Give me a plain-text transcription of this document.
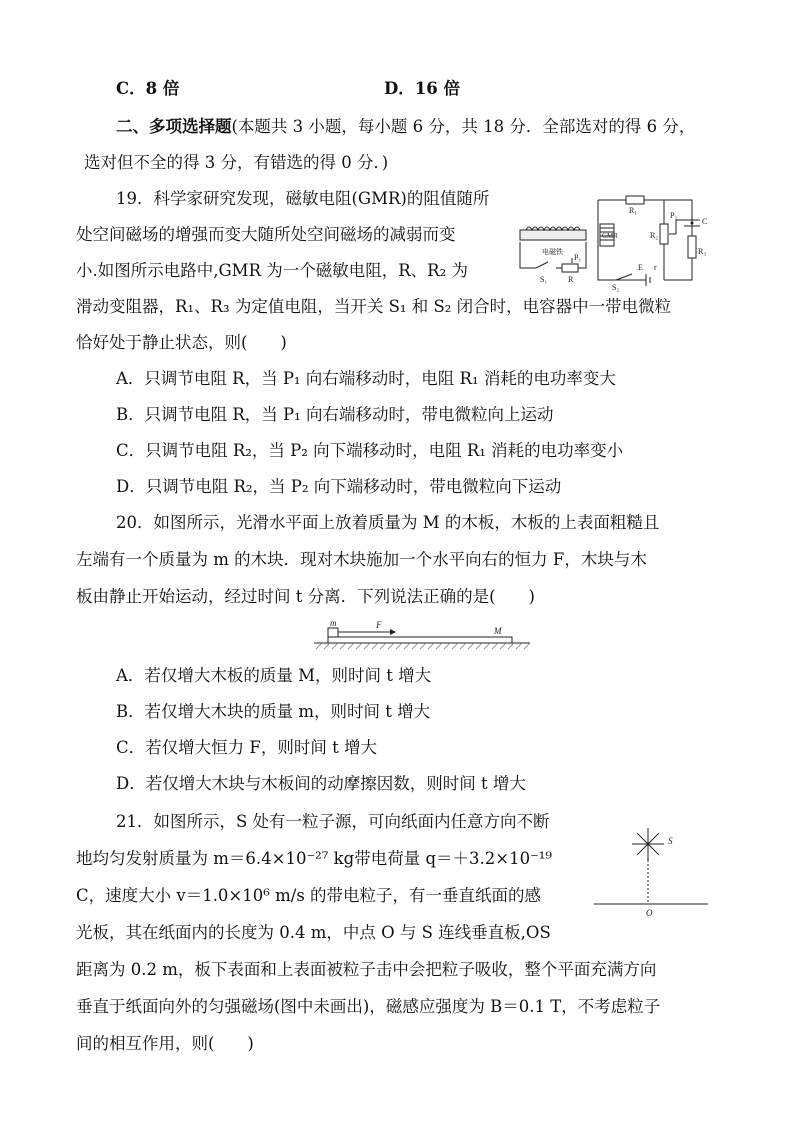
C．8 倍	D．16 倍
二、多项选择题(本题共 3 小题，每小题 6 分，共 18 分．全部选对的得 6 分，
选对但不全的得 3 分，有错选的得 0 分．)
19．科学家研究发现，磁敏电阻(GMR)的阻值随所
处空间磁场的增强而变大随所处空间磁场的减弱而变
小.如图所示电路中,GMR 为一个磁敏电阻，R、R₂ 为
滑动变阻器，R₁、R₃ 为定值电阻，当开关 S₁ 和 S₂ 闭合时，电容器中一带电微粒
恰好处于静止状态，则(　　)
A．只调节电阻 R，当 P₁ 向右端移动时，电阻 R₁ 消耗的电功率变大
B．只调节电阻 R，当 P₁ 向右端移动时，带电微粒向上运动
C．只调节电阻 R₂，当 P₂ 向下端移动时，电阻 R₁ 消耗的电功率变小
D．只调节电阻 R₂，当 P₂ 向下端移动时，带电微粒向下运动
R₁
GMR	R₂
P₂
C
R₃
电磁铁
P₁
S₁	R
S₂
E r
20．如图所示，光滑水平面上放着质量为 M 的木板，木板的上表面粗糙且
左端有一个质量为 m 的木块．现对木块施加一个水平向右的恒力 F，木块与木
板由静止开始运动，经过时间 t 分离．下列说法正确的是(　　)
m	F
M
A．若仅增大木板的质量 M，则时间 t 增大
B．若仅增大木块的质量 m，则时间 t 增大
C．若仅增大恒力 F，则时间 t 增大
D．若仅增大木块与木板间的动摩擦因数，则时间 t 增大
21．如图所示，S 处有一粒子源，可向纸面内任意方向不断
地均匀发射质量为 m＝6.4×10⁻²⁷ kg带电荷量 q＝＋3.2×10⁻¹⁹
C，速度大小 v＝1.0×10⁶ m/s 的带电粒子，有一垂直纸面的感
光板，其在纸面内的长度为 0.4 m，中点 O 与 S 连线垂直板,OS
距离为 0.2 m，板下表面和上表面被粒子击中会把粒子吸收，整个平面充满方向
垂直于纸面向外的匀强磁场(图中未画出)，磁感应强度为 B＝0.1 T，不考虑粒子
间的相互作用，则(　　)
S
O
